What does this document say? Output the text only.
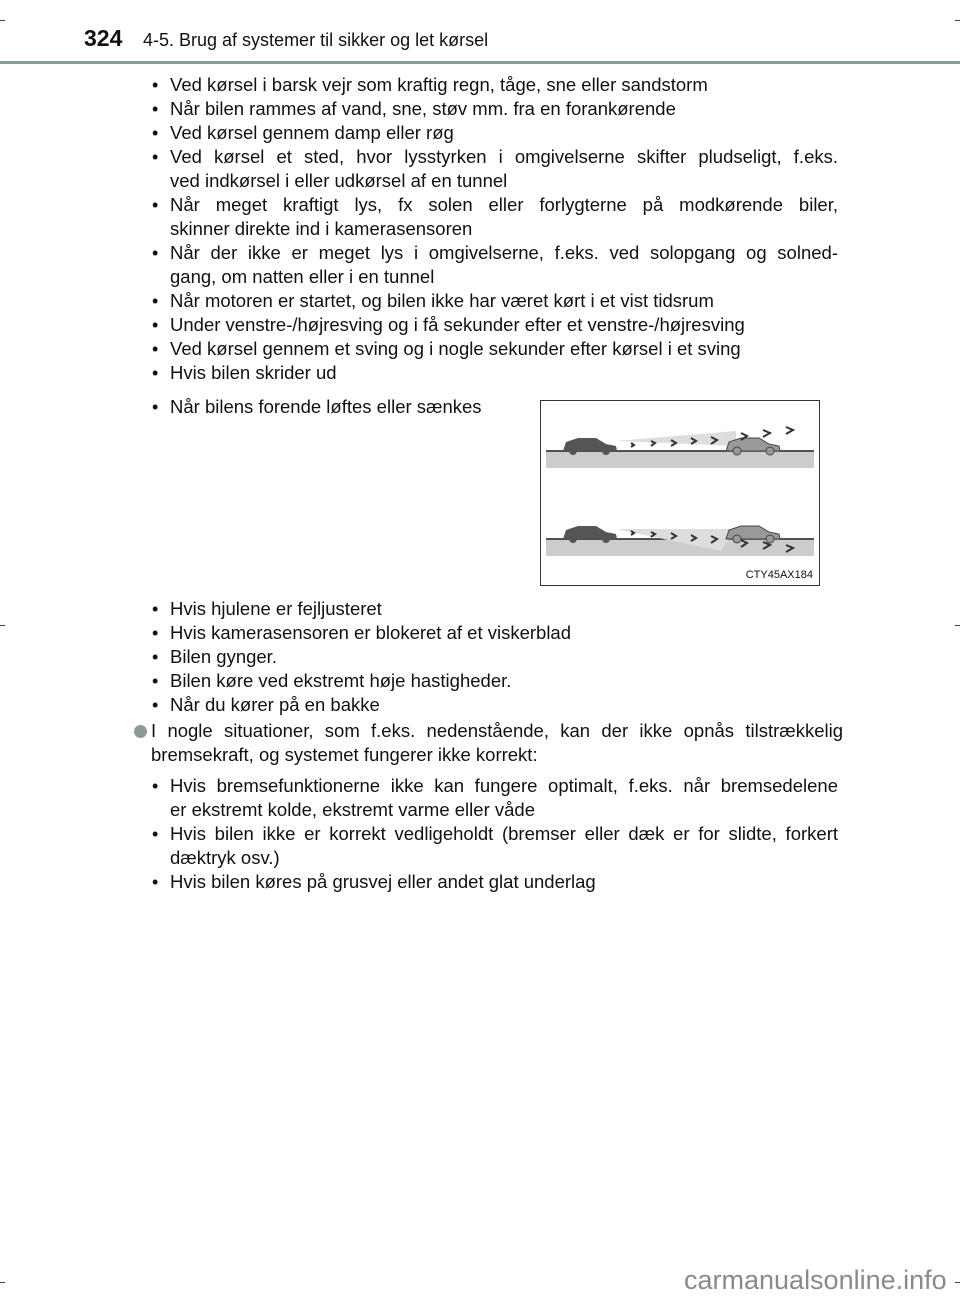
324 4-5. Brug af systemer til sikker og let kørsel
• Ved kørsel i barsk vejr som kraftig regn, tåge, sne eller sandstorm
• Når bilen rammes af vand, sne, støv mm. fra en forankørende
• Ved kørsel gennem damp eller røg
• Ved kørsel et sted, hvor lysstyrken i omgivelserne skifter pludseligt, f.eks.
ved indkørsel i eller udkørsel af en tunnel
• Når meget kraftigt lys, fx solen eller forlygterne på modkørende biler,
skinner direkte ind i kamerasensoren
• Når der ikke er meget lys i omgivelserne, f.eks. ved solopgang og solned-
gang, om natten eller i en tunnel
• Når motoren er startet, og bilen ikke har været kørt i et vist tidsrum
• Under venstre-/højresving og i få sekunder efter et venstre-/højresving
• Ved kørsel gennem et sving og i nogle sekunder efter kørsel i et sving
• Hvis bilen skrider ud
• Når bilens forende løftes eller sænkes
• Hvis hjulene er fejljusteret
• Hvis kamerasensoren er blokeret af et viskerblad
• Bilen gynger.
• Bilen køre ved ekstremt høje hastigheder.
• Når du kører på en bakke
I nogle situationer, som f.eks. nedenstående, kan der ikke opnås tilstrækkelig
bremsekraft, og systemet fungerer ikke korrekt:
• Hvis bremsefunktionerne ikke kan fungere optimalt, f.eks. når bremsedelene
er ekstremt kolde, ekstremt varme eller våde
• Hvis bilen ikke er korrekt vedligeholdt (bremser eller dæk er for slidte, forkert
dæktryk osv.)
• Hvis bilen køres på grusvej eller andet glat underlag
CTY45AX184
carmanualsonline.info
